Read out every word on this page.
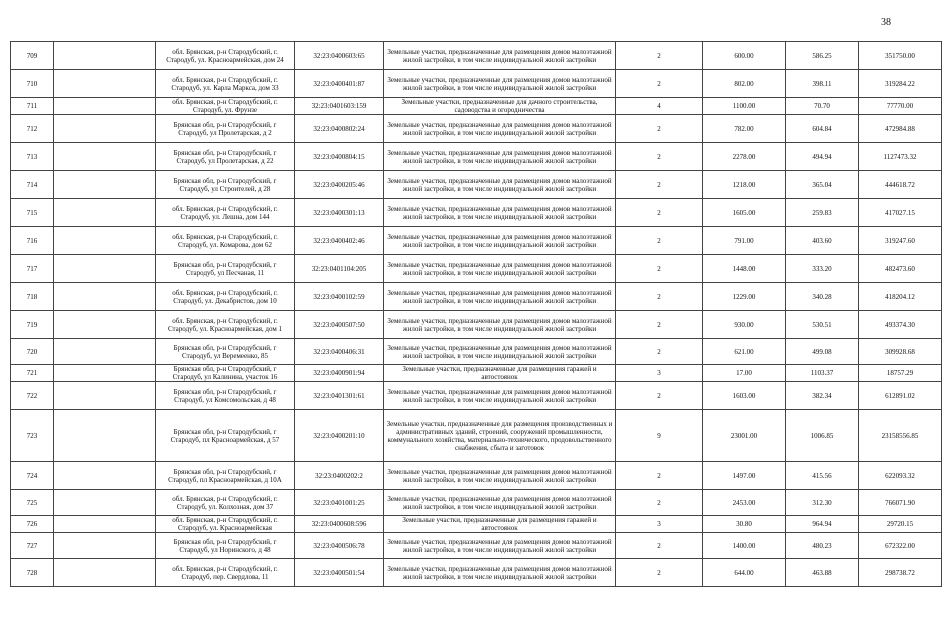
38
709		обл. Брянская, р-н Стародубский, г. Стародуб, ул. Красноармейская, дом 24	32:23:0400603:65	Земельные участки, предназначенные для размещения домов малоэтажной жилой застройки, в том числе индивидуальной жилой застройки	2	600.00	586.25	351750.00
710		обл. Брянская, р-н Стародубский, г. Стародуб, ул. Карла Маркса, дом 33	32:23:0400401:87	Земельные участки, предназначенные для размещения домов малоэтажной жилой застройки, в том числе индивидуальной жилой застройки	2	802.00	398.11	319284.22
711		обл. Брянская, р-н Стародубский, г. Стародуб, ул. Фрунзе	32:23:0401603:159	Земельные участки, предназначенные для дачного строительства, садоводства и огородничества	4	1100.00	70.70	77770.00
712		Брянская обл, р-н Стародубский, г Стародуб, ул Пролетарская, д 2	32:23:0400802:24	Земельные участки, предназначенные для размещения домов малоэтажной жилой застройки, в том числе индивидуальной жилой застройки	2	782.00	604.84	472984.88
713		Брянская обл, р-н Стародубский, г Стародуб, ул Пролетарская, д 22	32:23:0400804:15	Земельные участки, предназначенные для размещения домов малоэтажной жилой застройки, в том числе индивидуальной жилой застройки	2	2278.00	494.94	1127473.32
714		Брянская обл, р-н Стародубский, г Стародуб, ул Строителей, д 28	32:23:0400205:46	Земельные участки, предназначенные для размещения домов малоэтажной жилой застройки, в том числе индивидуальной жилой застройки	2	1218.00	365.04	444618.72
715		обл. Брянская, р-н Стародубский, г. Стародуб, ул. Лешна, дом 144	32:23:0400301:13	Земельные участки, предназначенные для размещения домов малоэтажной жилой застройки, в том числе индивидуальной жилой застройки	2	1605.00	259.83	417027.15
716		обл. Брянская, р-н Стародубский, г. Стародуб, ул. Комарова, дом 62	32:23:0400402:46	Земельные участки, предназначенные для размещения домов малоэтажной жилой застройки, в том числе индивидуальной жилой застройки	2	791.00	403.60	319247.60
717		Брянская обл, р-н Стародубский, г Стародуб, ул Песчаная, 11	32:23:0401104:205	Земельные участки, предназначенные для размещения домов малоэтажной жилой застройки, в том числе индивидуальной жилой застройки	2	1448.00	333.20	482473.60
718		обл. Брянская, р-н Стародубский, г. Стародуб, ул. Декабристов, дом 10	32:23:0400102:59	Земельные участки, предназначенные для размещения домов малоэтажной жилой застройки, в том числе индивидуальной жилой застройки	2	1229.00	340.28	418204.12
719		обл. Брянская, р-н Стародубский, г. Стародуб, ул. Красноармейская, дом 1	32:23:0400507:50	Земельные участки, предназначенные для размещения домов малоэтажной жилой застройки, в том числе индивидуальной жилой застройки	2	930.00	530.51	493374.30
720		Брянская обл, р-н Стародубский, г Стародуб, ул Веремеенко, 85	32:23:0400406:31	Земельные участки, предназначенные для размещения домов малоэтажной жилой застройки, в том числе индивидуальной жилой застройки	2	621.00	499.08	309928.68
721		Брянская обл, р-н Стародубский, г Стародуб, ул Калинина, участок 16	32:23:0400901:94	Земельные участки, предназначенные для размещения гаражей и автостоянок	3	17.00	1103.37	18757.29
722		Брянская обл, р-н Стародубский, г Стародуб, ул Комсомольская, д 48	32:23:0401301:61	Земельные участки, предназначенные для размещения домов малоэтажной жилой застройки, в том числе индивидуальной жилой застройки	2	1603.00	382.34	612891.02
723		Брянская обл, р-н Стародубский, г Стародуб, пл Красноармейская, д 57	32:23:0400201:10	Земельные участки, предназначенные для размещения производственных и административных зданий, строений, сооружений промышленности, коммунального хозяйства, материально-технического, продовольственного снабжения, сбыта и заготовок	9	23001.00	1006.85	23158556.85
724		Брянская обл, р-н Стародубский, г Стародуб, пл Красноармейская, д 10А	32:23:0400202:2	Земельные участки, предназначенные для размещения домов малоэтажной жилой застройки, в том числе индивидуальной жилой застройки	2	1497.00	415.56	622093.32
725		обл. Брянская, р-н Стародубский, г. Стародуб, ул. Колхозная, дом 37	32:23:0401001:25	Земельные участки, предназначенные для размещения домов малоэтажной жилой застройки, в том числе индивидуальной жилой застройки	2	2453.00	312.30	766071.90
726		обл. Брянская, р-н Стародубский, г. Стародуб, ул. Красноармейская	32:23:0400608:596	Земельные участки, предназначенные для размещения гаражей и автостоянок	3	30.80	964.94	29720.15
727		Брянская обл, р-н Стародубский, г Стародуб, ул Норинского, д 48	32:23:0400506:78	Земельные участки, предназначенные для размещения домов малоэтажной жилой застройки, в том числе индивидуальной жилой застройки	2	1400.00	480.23	672322.00
728		обл. Брянская, р-н Стародубский, г. Стародуб, пер. Свердлова, 11	32:23:0400501:54	Земельные участки, предназначенные для размещения домов малоэтажной жилой застройки, в том числе индивидуальной жилой застройки	2	644.00	463.88	298738.72
